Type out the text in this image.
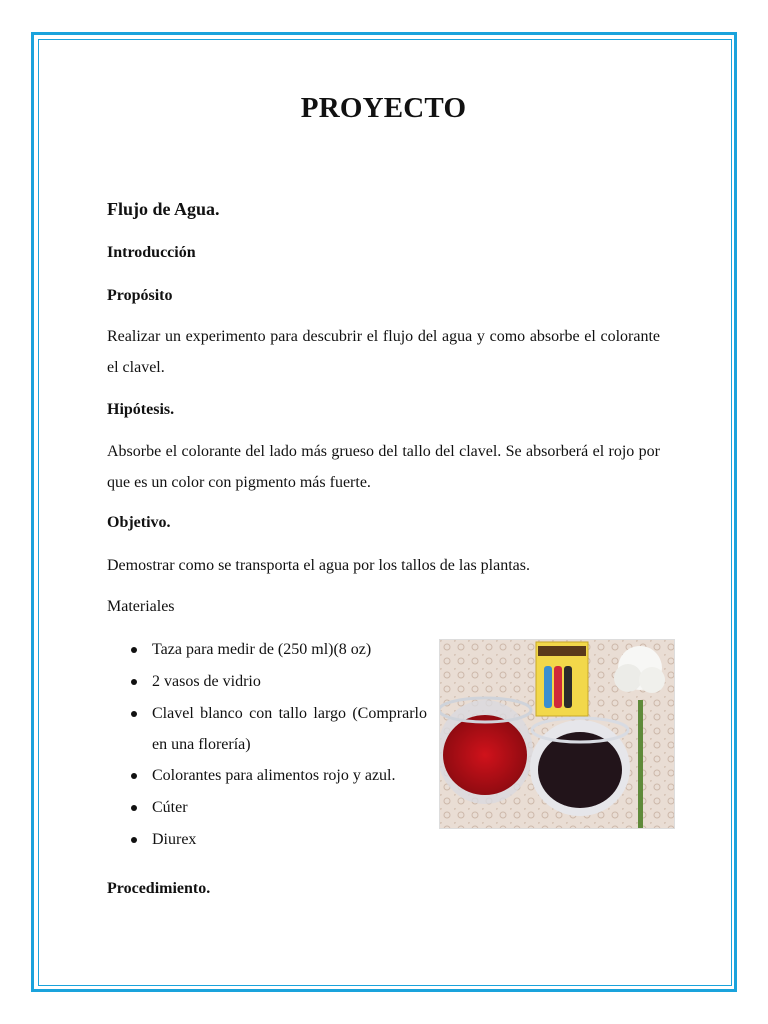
PROYECTO

Flujo de Agua.

Introducción

Propósito

Realizar un experimento para descubrir el flujo del agua y como absorbe el colorante el clavel.

Hipótesis.

Absorbe el colorante del lado más grueso del tallo del clavel. Se absorberá el rojo por que es un color con pigmento más fuerte.

Objetivo.

Demostrar como se transporta el agua por los tallos de las plantas.

Materiales

Taza para medir de (250 ml)(8 oz)
2 vasos de vidrio
Clavel blanco con tallo largo (Comprarlo en una florería)
Colorantes para alimentos rojo y azul.
Cúter
Diurex

Procedimiento.
